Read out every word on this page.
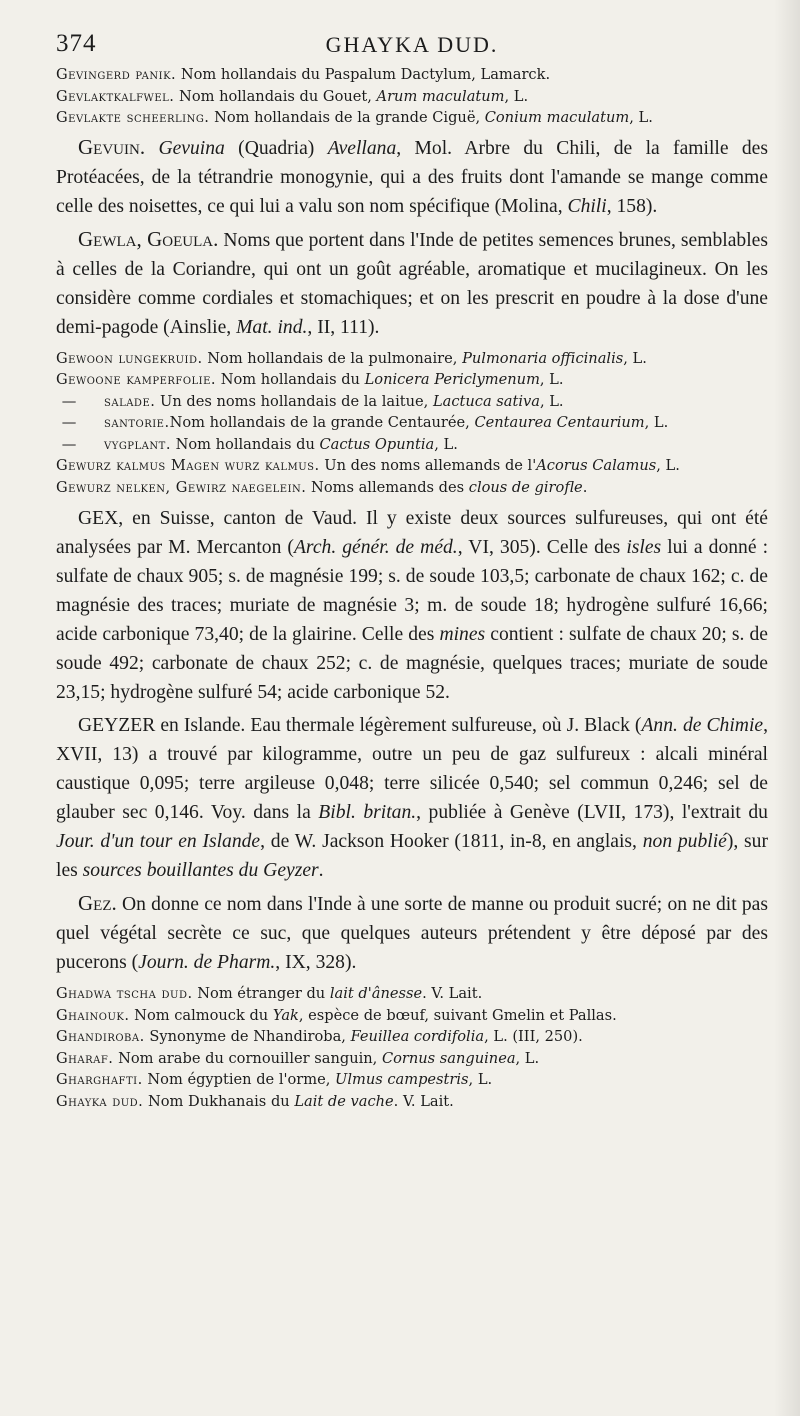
374	GHAYKA DUD.

Gevingerd panik. Nom hollandais du Paspalum Dactylum, Lamarck.

Gevlaktkalfwel. Nom hollandais du Gouet, Arum maculatum, L.

Gevlakte scheerling. Nom hollandais de la grande Ciguë, Conium maculatum, L.

Gevuin. Gevuina (Quadria) Avellana, Mol. Arbre du Chili, de la famille des Protéacées, de la tétrandrie monogynie, qui a des fruits dont l'amande se mange comme celle des noisettes, ce qui lui a valu son nom spécifique (Molina, Chili, 158).

Gewla, Goeula. Noms que portent dans l'Inde de petites semences brunes, semblables à celles de la Coriandre, qui ont un goût agréable, aromatique et mucilagineux. On les considère comme cordiales et stomachiques; et on les prescrit en poudre à la dose d'une demi-pagode (Ainslie, Mat. ind., II, 111).

Gewoon lungekruid. Nom hollandais de la pulmonaire, Pulmonaria officinalis, L.

Gewoone kamperfolie. Nom hollandais du Lonicera Periclymenum, L.

— salade. Un des noms hollandais de la laitue, Lactuca sativa, L.

— santorie.Nom hollandais de la grande Centaurée, Centaurea Centaurium, L.

— vygplant. Nom hollandais du Cactus Opuntia, L.

Gewurz kalmus Magen wurz kalmus. Un des noms allemands de l'Acorus Calamus, L.

Gewurz nelken, Gewirz naegelein. Noms allemands des clous de girofle.

GEX, en Suisse, canton de Vaud. Il y existe deux sources sulfureuses, qui ont été analysées par M. Mercanton (Arch. génér. de méd., VI, 305). Celle des isles lui a donné : sulfate de chaux 905; s. de magnésie 199; s. de soude 103,5; carbonate de chaux 162; c. de magnésie des traces; muriate de magnésie 3; m. de soude 18; hydrogène sulfuré 16,66; acide carbonique 73,40; de la glairine. Celle des mines contient : sulfate de chaux 20; s. de soude 492; carbonate de chaux 252; c. de magnésie, quelques traces; muriate de soude 23,15; hydrogène sulfuré 54; acide carbonique 52.

GEYZER en Islande. Eau thermale légèrement sulfureuse, où J. Black (Ann. de Chimie, XVII, 13) a trouvé par kilogramme, outre un peu de gaz sulfureux : alcali minéral caustique 0,095; terre argileuse 0,048; terre silicée 0,540; sel commun 0,246; sel de glauber sec 0,146. Voy. dans la Bibl. britan., publiée à Genève (LVII, 173), l'extrait du Jour. d'un tour en Islande, de W. Jackson Hooker (1811, in-8, en anglais, non publié), sur les sources bouillantes du Geyzer.

Gez. On donne ce nom dans l'Inde à une sorte de manne ou produit sucré; on ne dit pas quel végétal secrète ce suc, que quelques auteurs prétendent y être déposé par des pucerons (Journ. de Pharm., IX, 328).

Ghadwa tscha dud. Nom étranger du lait d'ânesse. V. Lait.

Ghainouk. Nom calmouck du Yak, espèce de bœuf, suivant Gmelin et Pallas.

Ghandiroba. Synonyme de Nhandiroba, Feuillea cordifolia, L. (III, 250).

Gharaf. Nom arabe du cornouiller sanguin, Cornus sanguinea, L.

Gharghafti. Nom égyptien de l'orme, Ulmus campestris, L.

Ghayka dud. Nom Dukhanais du Lait de vache. V. Lait.
